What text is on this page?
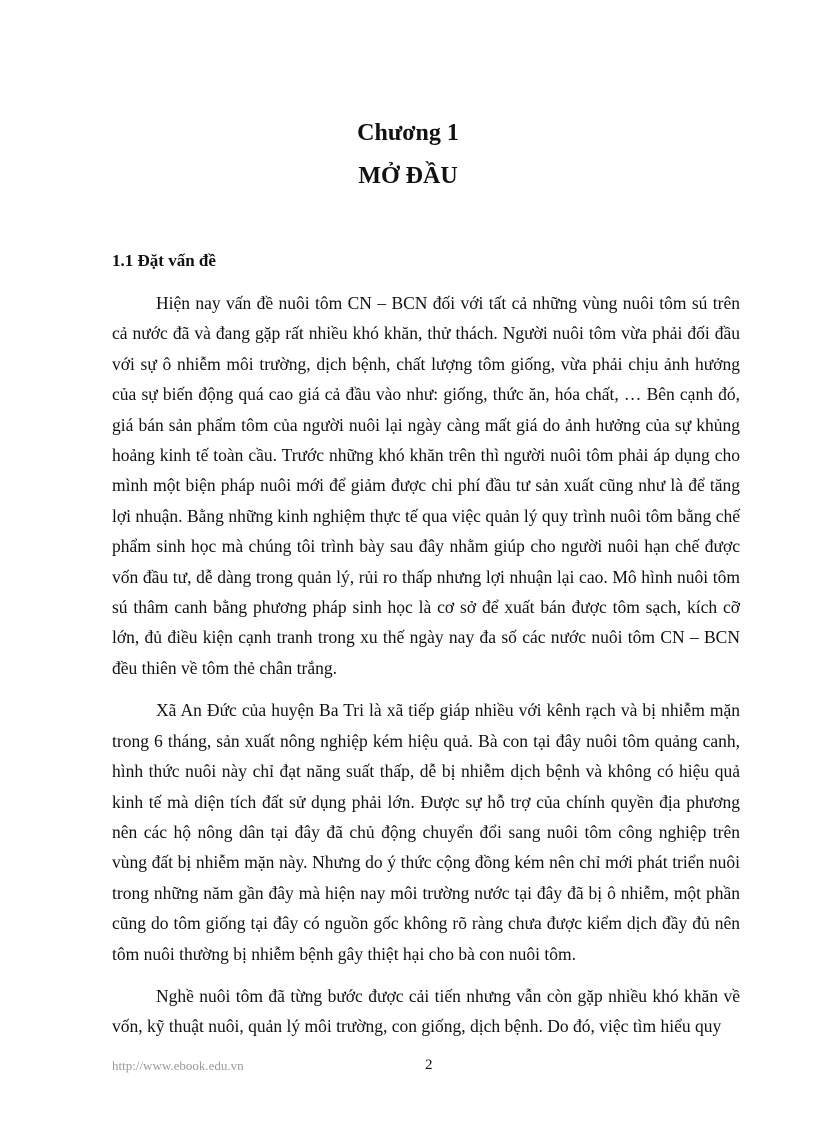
Chương 1
MỞ ĐẦU
1.1 Đặt vấn đề

Hiện nay vấn đề nuôi tôm CN – BCN đối với tất cả những vùng nuôi tôm sú trên cả nước đã và đang gặp rất nhiều khó khăn, thử thách. Người nuôi tôm vừa phải đối đầu với sự ô nhiễm môi trường, dịch bệnh, chất lượng tôm giống, vừa phải chịu ảnh hưởng của sự biến động quá cao giá cả đầu vào như: giống, thức ăn, hóa chất, … Bên cạnh đó, giá bán sản phẩm tôm của người nuôi lại ngày càng mất giá do ảnh hưởng của sự khủng hoảng kinh tế toàn cầu. Trước những khó khăn trên thì người nuôi tôm phải áp dụng cho mình một biện pháp nuôi mới để giảm được chi phí đầu tư sản xuất cũng như là để tăng lợi nhuận. Bằng những kinh nghiệm thực tế qua việc quản lý quy trình nuôi tôm bằng chế phẩm sinh học mà chúng tôi trình bày sau đây nhằm giúp cho người nuôi hạn chế được vốn đầu tư, dễ dàng trong quản lý, rủi ro thấp nhưng lợi nhuận lại cao. Mô hình nuôi tôm sú thâm canh bằng phương pháp sinh học là cơ sở để xuất bán được tôm sạch, kích cỡ lớn, đủ điều kiện cạnh tranh trong xu thế ngày nay đa số các nước nuôi tôm CN – BCN đều thiên về tôm thẻ chân trắng.

Xã An Đức của huyện Ba Tri là xã tiếp giáp nhiều với kênh rạch và bị nhiễm mặn trong 6 tháng, sản xuất nông nghiệp kém hiệu quả. Bà con tại đây nuôi tôm quảng canh, hình thức nuôi này chỉ đạt năng suất thấp, dễ bị nhiễm dịch bệnh và không có hiệu quả kinh tế mà diện tích đất sử dụng phải lớn. Được sự hỗ trợ của chính quyền địa phương nên các hộ nông dân tại đây đã chủ động chuyển đổi sang nuôi tôm công nghiệp trên vùng đất bị nhiễm mặn này. Nhưng do ý thức cộng đồng kém nên chỉ mới phát triển nuôi trong những năm gần đây mà hiện nay môi trường nước tại đây đã bị ô nhiễm, một phần cũng do tôm giống tại đây có nguồn gốc không rõ ràng chưa được kiểm dịch đầy đủ nên tôm nuôi thường bị nhiễm bệnh gây thiệt hại cho bà con nuôi tôm.

Nghề nuôi tôm đã từng bước được cải tiến nhưng vẫn còn gặp nhiều khó khăn về vốn, kỹ thuật nuôi, quản lý môi trường, con giống, dịch bệnh. Do đó, việc tìm hiểu quy

http://www.ebook.edu.vn	2
